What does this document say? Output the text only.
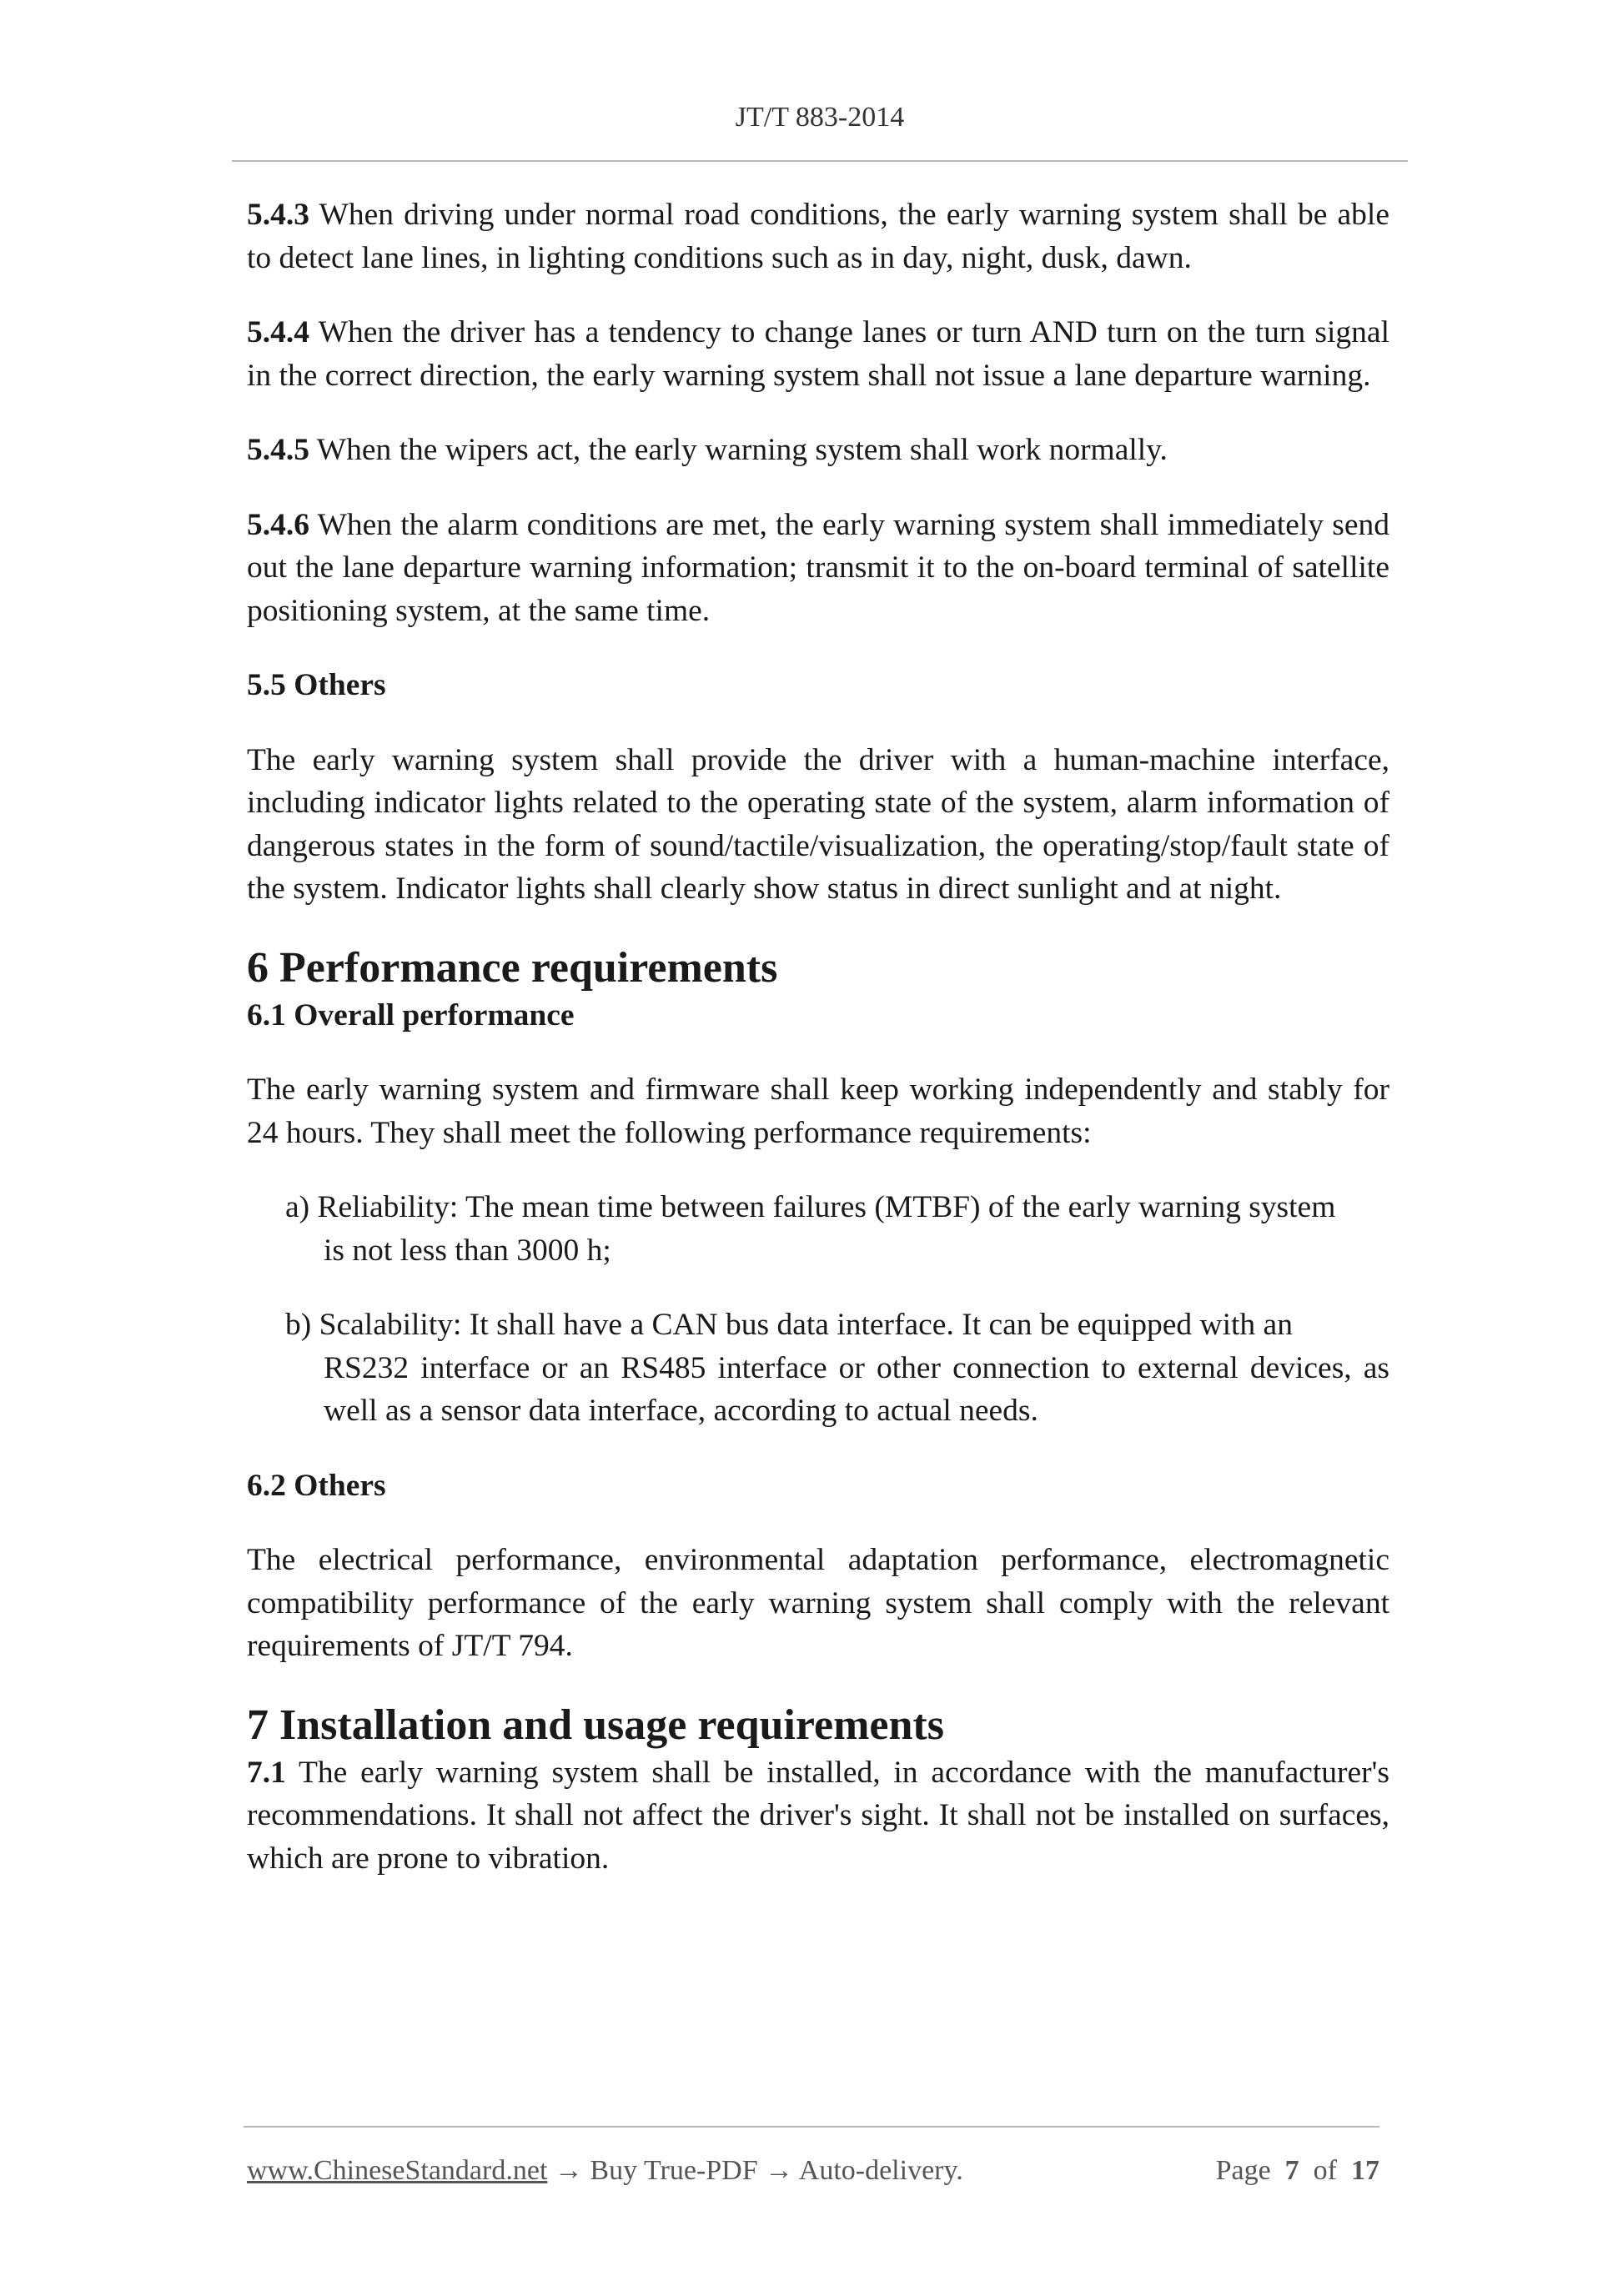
JT/T 883-2014

5.4.3 When driving under normal road conditions, the early warning system shall be able to detect lane lines, in lighting conditions such as in day, night, dusk, dawn.

5.4.4 When the driver has a tendency to change lanes or turn AND turn on the turn signal in the correct direction, the early warning system shall not issue a lane departure warning.

5.4.5 When the wipers act, the early warning system shall work normally.

5.4.6 When the alarm conditions are met, the early warning system shall immediately send out the lane departure warning information; transmit it to the on-board terminal of satellite positioning system, at the same time.

5.5 Others

The early warning system shall provide the driver with a human-machine interface, including indicator lights related to the operating state of the system, alarm information of dangerous states in the form of sound/tactile/visualization, the operating/stop/fault state of the system. Indicator lights shall clearly show status in direct sunlight and at night.

6 Performance requirements

6.1 Overall performance

The early warning system and firmware shall keep working independently and stably for 24 hours. They shall meet the following performance requirements:

a) Reliability: The mean time between failures (MTBF) of the early warning system
is not less than 3000 h;

b) Scalability: It shall have a CAN bus data interface. It can be equipped with an
RS232 interface or an RS485 interface or other connection to external devices, as well as a sensor data interface, according to actual needs.

6.2 Others

The electrical performance, environmental adaptation performance, electromagnetic compatibility performance of the early warning system shall comply with the relevant requirements of JT/T 794.

7 Installation and usage requirements

7.1 The early warning system shall be installed, in accordance with the manufacturer's recommendations. It shall not affect the driver's sight. It shall not be installed on surfaces, which are prone to vibration.

www.ChineseStandard.net → Buy True-PDF → Auto-delivery.	Page 7 of 17
